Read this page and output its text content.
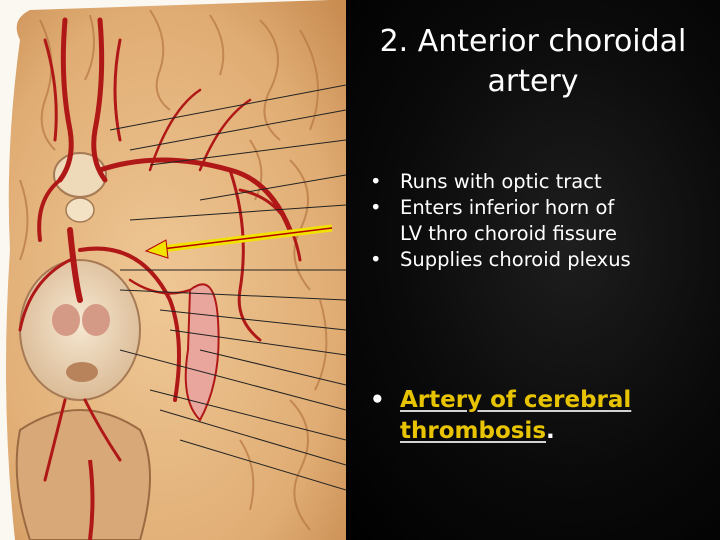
2. Anterior choroidal
artery
• Runs with optic tract
• Enters inferior horn of
LV thro choroid fissure
• Supplies choroid plexus
• Artery of cerebral
thrombosis.
